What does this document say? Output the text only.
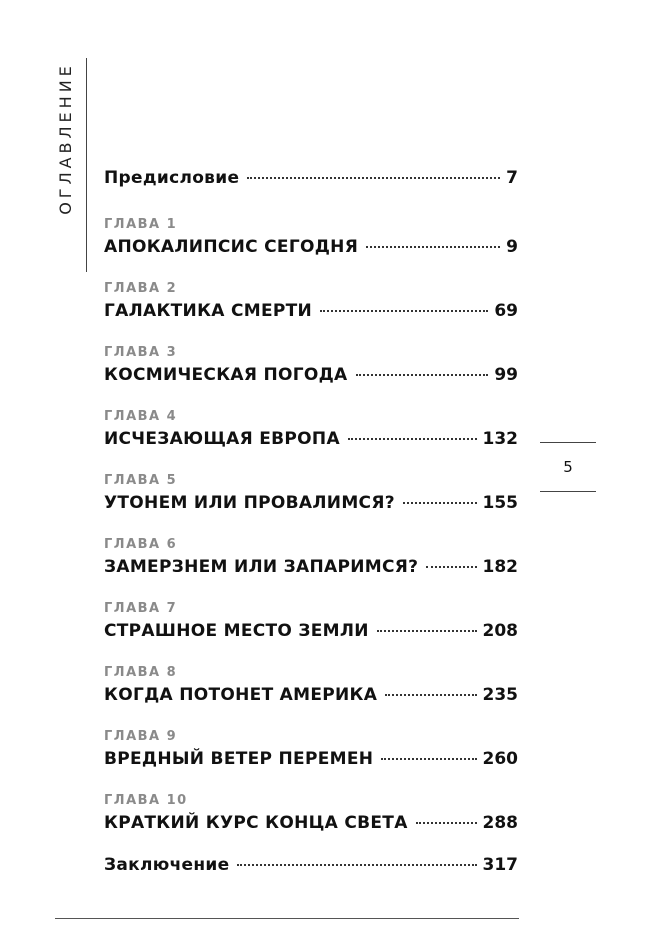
ОГЛАВЛЕНИЕ Предисловие	7
ГЛАВА 1
АПОКАЛИПСИС СЕГОДНЯ	9
ГЛАВА 2
ГАЛАКТИКА СМЕРТИ	69
ГЛАВА 3
КОСМИЧЕСКАЯ ПОГОДА	99
ГЛАВА 4
ИСЧЕЗАЮЩАЯ ЕВРОПА	132
ГЛАВА 5
УТОНЕМ ИЛИ ПРОВАЛИМСЯ?	155
ГЛАВА 6
ЗАМЕРЗНЕМ ИЛИ ЗАПАРИМСЯ?	182
ГЛАВА 7
СТРАШНОЕ МЕСТО ЗЕМЛИ	208
ГЛАВА 8
КОГДА ПОТОНЕТ АМЕРИКА	235
ГЛАВА 9
ВРЕДНЫЙ ВЕТЕР ПЕРЕМЕН	260
ГЛАВА 10
КРАТКИЙ КУРС КОНЦА СВЕТА	288
Заключение	317
5
